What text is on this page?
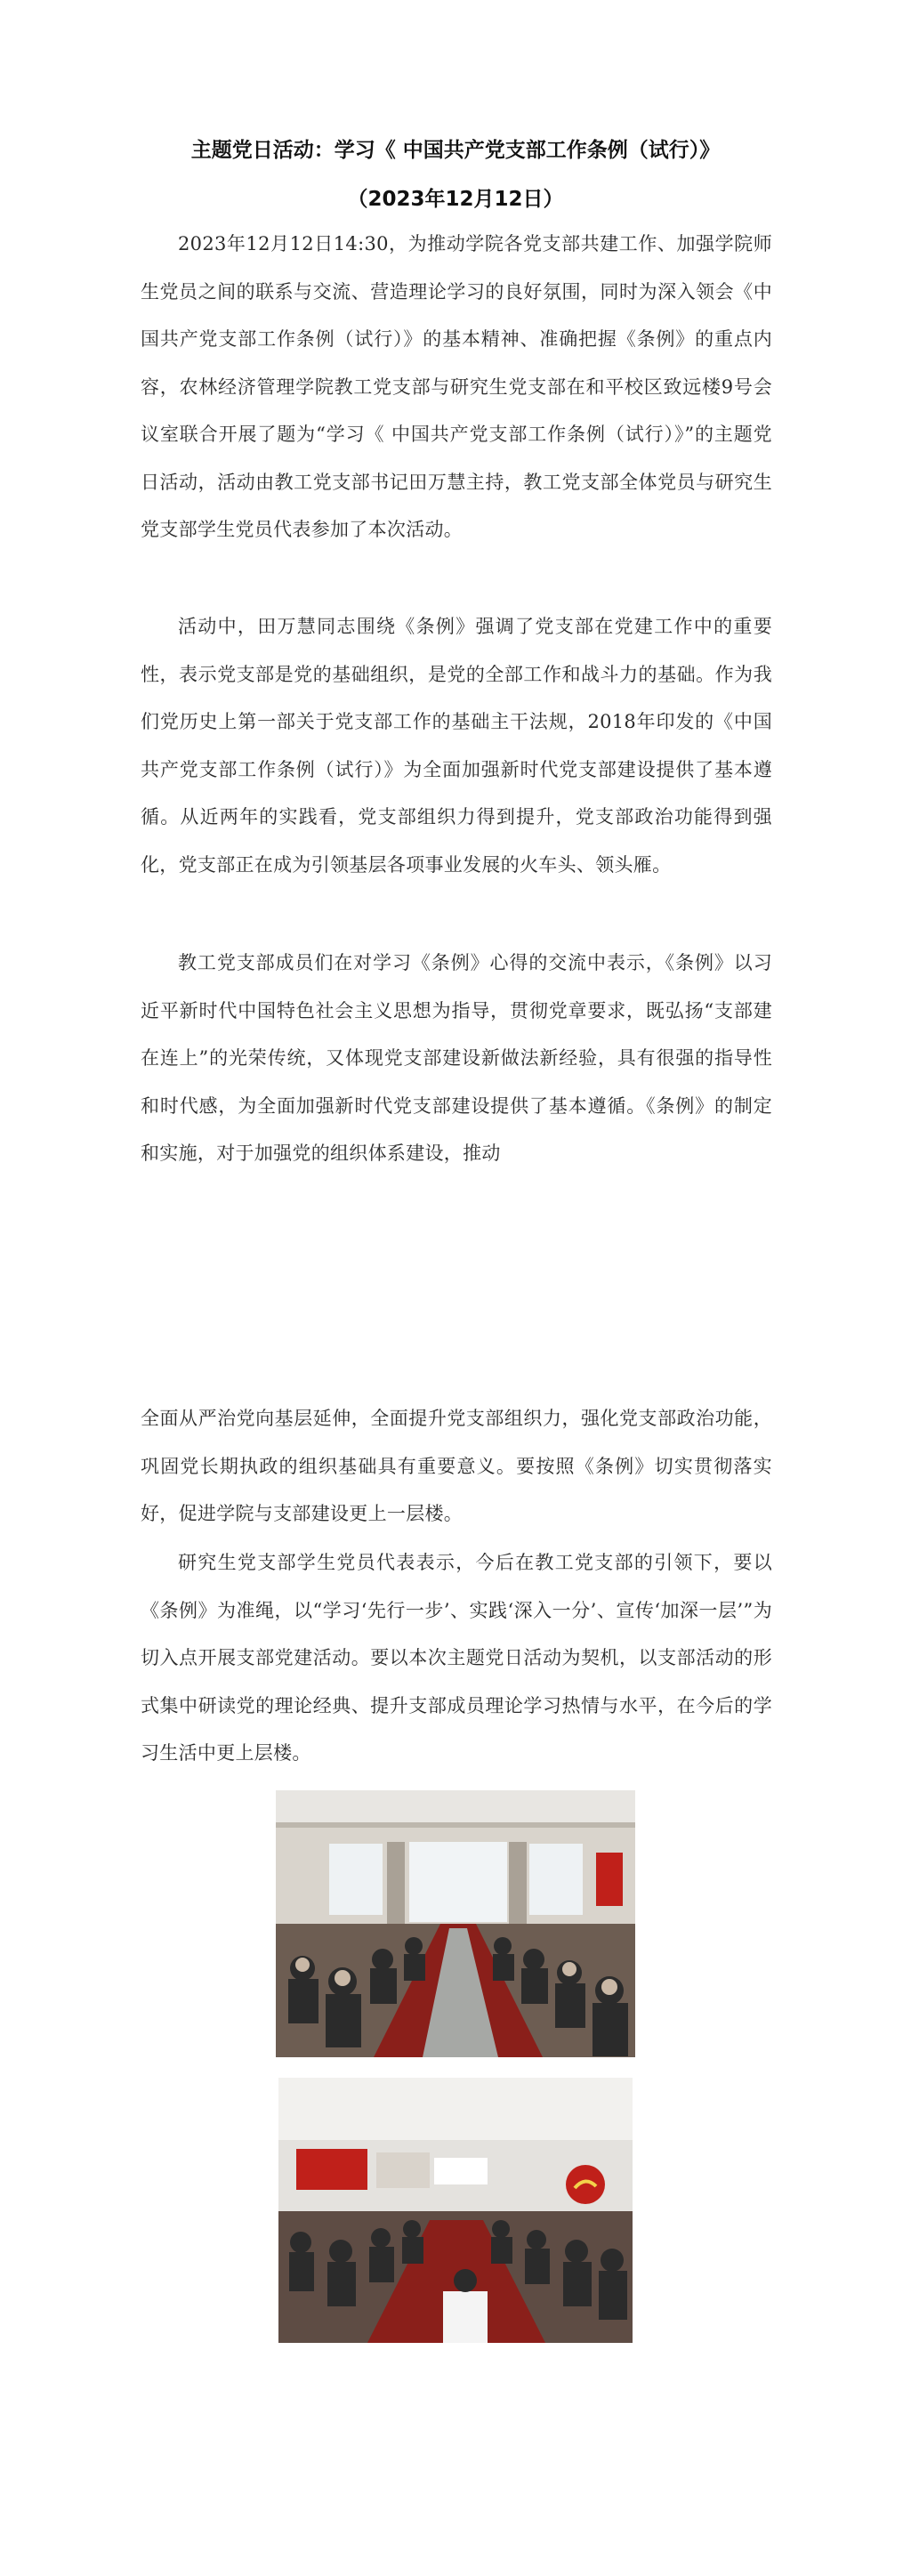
主题党日活动：学习《 中国共产党支部工作条例（试行）》
（2023年12月12日）

2023年12月12日14:30，为推动学院各党支部共建工作、加强学院师生党员之间的联系与交流、营造理论学习的良好氛围，同时为深入领会《中国共产党支部工作条例（试行）》的基本精神、准确把握《条例》的重点内容，农林经济管理学院教工党支部与研究生党支部在和平校区致远楼9号会议室联合开展了题为“学习《 中国共产党支部工作条例（试行）》”的主题党日活动，活动由教工党支部书记田万慧主持，教工党支部全体党员与研究生党支部学生党员代表参加了本次活动。

活动中，田万慧同志围绕《条例》强调了党支部在党建工作中的重要性，表示党支部是党的基础组织，是党的全部工作和战斗力的基础。作为我们党历史上第一部关于党支部工作的基础主干法规，2018年印发的《中国共产党支部工作条例（试行）》为全面加强新时代党支部建设提供了基本遵循。从近两年的实践看，党支部组织力得到提升，党支部政治功能得到强化，党支部正在成为引领基层各项事业发展的火车头、领头雁。

教工党支部成员们在对学习《条例》心得的交流中表示，《条例》以习近平新时代中国特色社会主义思想为指导，贯彻党章要求，既弘扬“支部建在连上”的光荣传统，又体现党支部建设新做法新经验，具有很强的指导性和时代感，为全面加强新时代党支部建设提供了基本遵循。《条例》的制定和实施，对于加强党的组织体系建设，推动

全面从严治党向基层延伸，全面提升党支部组织力，强化党支部政治功能，巩固党长期执政的组织基础具有重要意义。要按照《条例》切实贯彻落实好，促进学院与支部建设更上一层楼。

研究生党支部学生党员代表表示，今后在教工党支部的引领下，要以《条例》为准绳，以“学习‘先行一步’、实践‘深入一分’、宣传‘加深一层’”为切入点开展支部党建活动。要以本次主题党日活动为契机，以支部活动的形式集中研读党的理论经典、提升支部成员理论学习热情与水平，在今后的学习生活中更上层楼。
